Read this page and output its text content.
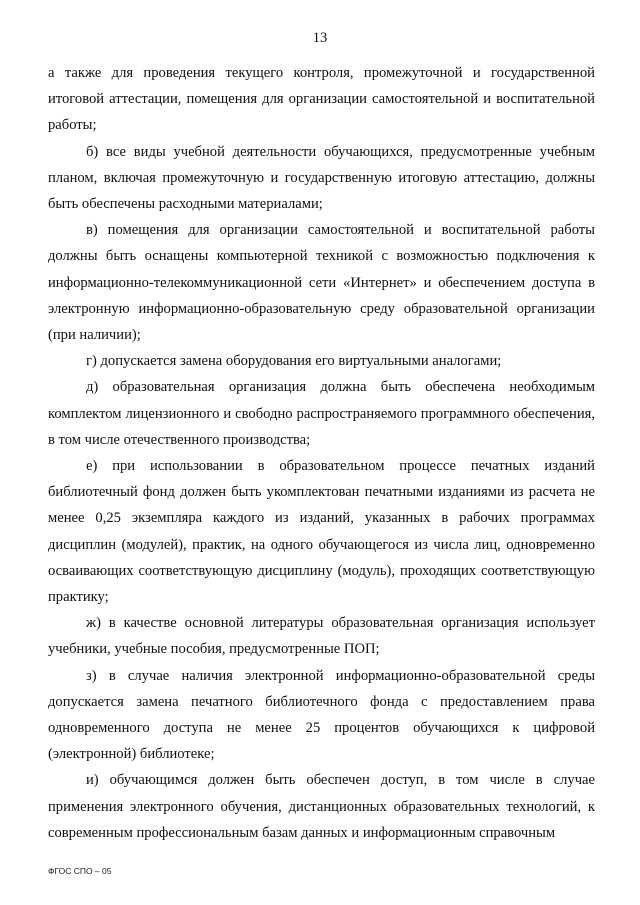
13

а также для проведения текущего контроля, промежуточной и государственной итоговой аттестации, помещения для организации самостоятельной и воспитательной работы;

б) все виды учебной деятельности обучающихся, предусмотренные учебным планом, включая промежуточную и государственную итоговую аттестацию, должны быть обеспечены расходными материалами;

в) помещения для организации самостоятельной и воспитательной работы должны быть оснащены компьютерной техникой с возможностью подключения к информационно-телекоммуникационной сети «Интернет» и обеспечением доступа в электронную информационно-образовательную среду образовательной организации (при наличии);

г) допускается замена оборудования его виртуальными аналогами;

д) образовательная организация должна быть обеспечена необходимым комплектом лицензионного и свободно распространяемого программного обеспечения, в том числе отечественного производства;

е) при использовании в образовательном процессе печатных изданий библиотечный фонд должен быть укомплектован печатными изданиями из расчета не менее 0,25 экземпляра каждого из изданий, указанных в рабочих программах дисциплин (модулей), практик, на одного обучающегося из числа лиц, одновременно осваивающих соответствующую дисциплину (модуль), проходящих соответствующую практику;

ж) в качестве основной литературы образовательная организация использует учебники, учебные пособия, предусмотренные ПОП;

з) в случае наличия электронной информационно-образовательной среды допускается замена печатного библиотечного фонда с предоставлением права одновременного доступа не менее 25 процентов обучающихся к цифровой (электронной) библиотеке;

и) обучающимся должен быть обеспечен доступ, в том числе в случае применения электронного обучения, дистанционных образовательных технологий, к современным профессиональным базам данных и информационным справочным

ФГОС СПО – 05
